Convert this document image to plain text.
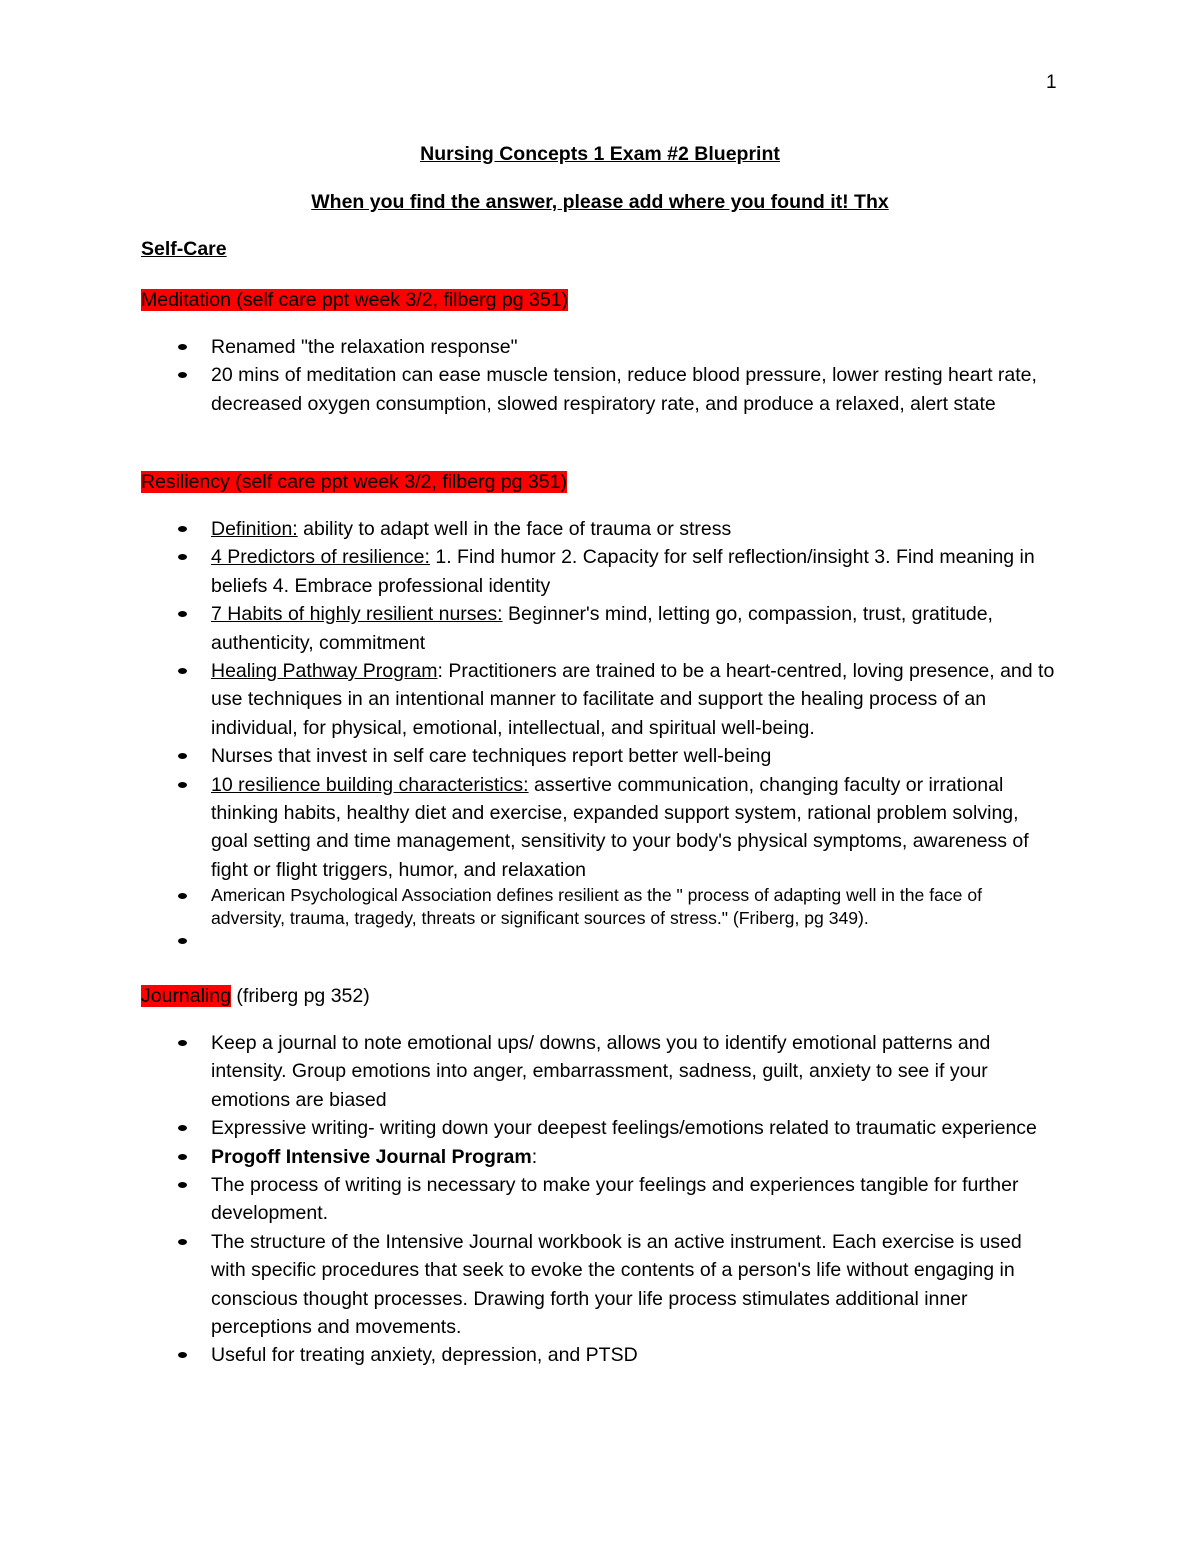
1
Nursing Concepts 1 Exam #2 Blueprint
When you find the answer, please add where you found it! Thx
Self-Care
Meditation (self care ppt week 3/2, filberg pg 351)
Renamed "the relaxation response"
20 mins of meditation can ease muscle tension, reduce blood pressure, lower resting heart rate, decreased oxygen consumption, slowed respiratory rate, and produce a relaxed, alert state
Resiliency (self care ppt week 3/2, filberg pg 351)
Definition: ability to adapt well in the face of trauma or stress
4 Predictors of resilience: 1. Find humor 2. Capacity for self reflection/insight 3. Find meaning in beliefs 4. Embrace professional identity
7 Habits of highly resilient nurses: Beginner's mind, letting go, compassion, trust, gratitude, authenticity, commitment
Healing Pathway Program: Practitioners are trained to be a heart-centred, loving presence, and to use techniques in an intentional manner to facilitate and support the healing process of an individual, for physical, emotional, intellectual, and spiritual well-being.
Nurses that invest in self care techniques report better well-being
10 resilience building characteristics: assertive communication, changing faculty or irrational thinking habits, healthy diet and exercise, expanded support system, rational problem solving, goal setting and time management, sensitivity to your body's physical symptoms, awareness of fight or flight triggers, humor, and relaxation
American Psychological Association defines resilient as the " process of adapting well in the face of adversity, trauma, tragedy, threats or significant sources of stress." (Friberg, pg 349).
Journaling (friberg pg 352)
Keep a journal to note emotional ups/ downs, allows you to identify emotional patterns and intensity. Group emotions into anger, embarrassment, sadness, guilt, anxiety to see if your emotions are biased
Expressive writing- writing down your deepest feelings/emotions related to traumatic experience
Progoff Intensive Journal Program:
The process of writing is necessary to make your feelings and experiences tangible for further development.
The structure of the Intensive Journal workbook is an active instrument. Each exercise is used with specific procedures that seek to evoke the contents of a person's life without engaging in conscious thought processes. Drawing forth your life process stimulates additional inner perceptions and movements.
Useful for treating anxiety, depression, and PTSD
